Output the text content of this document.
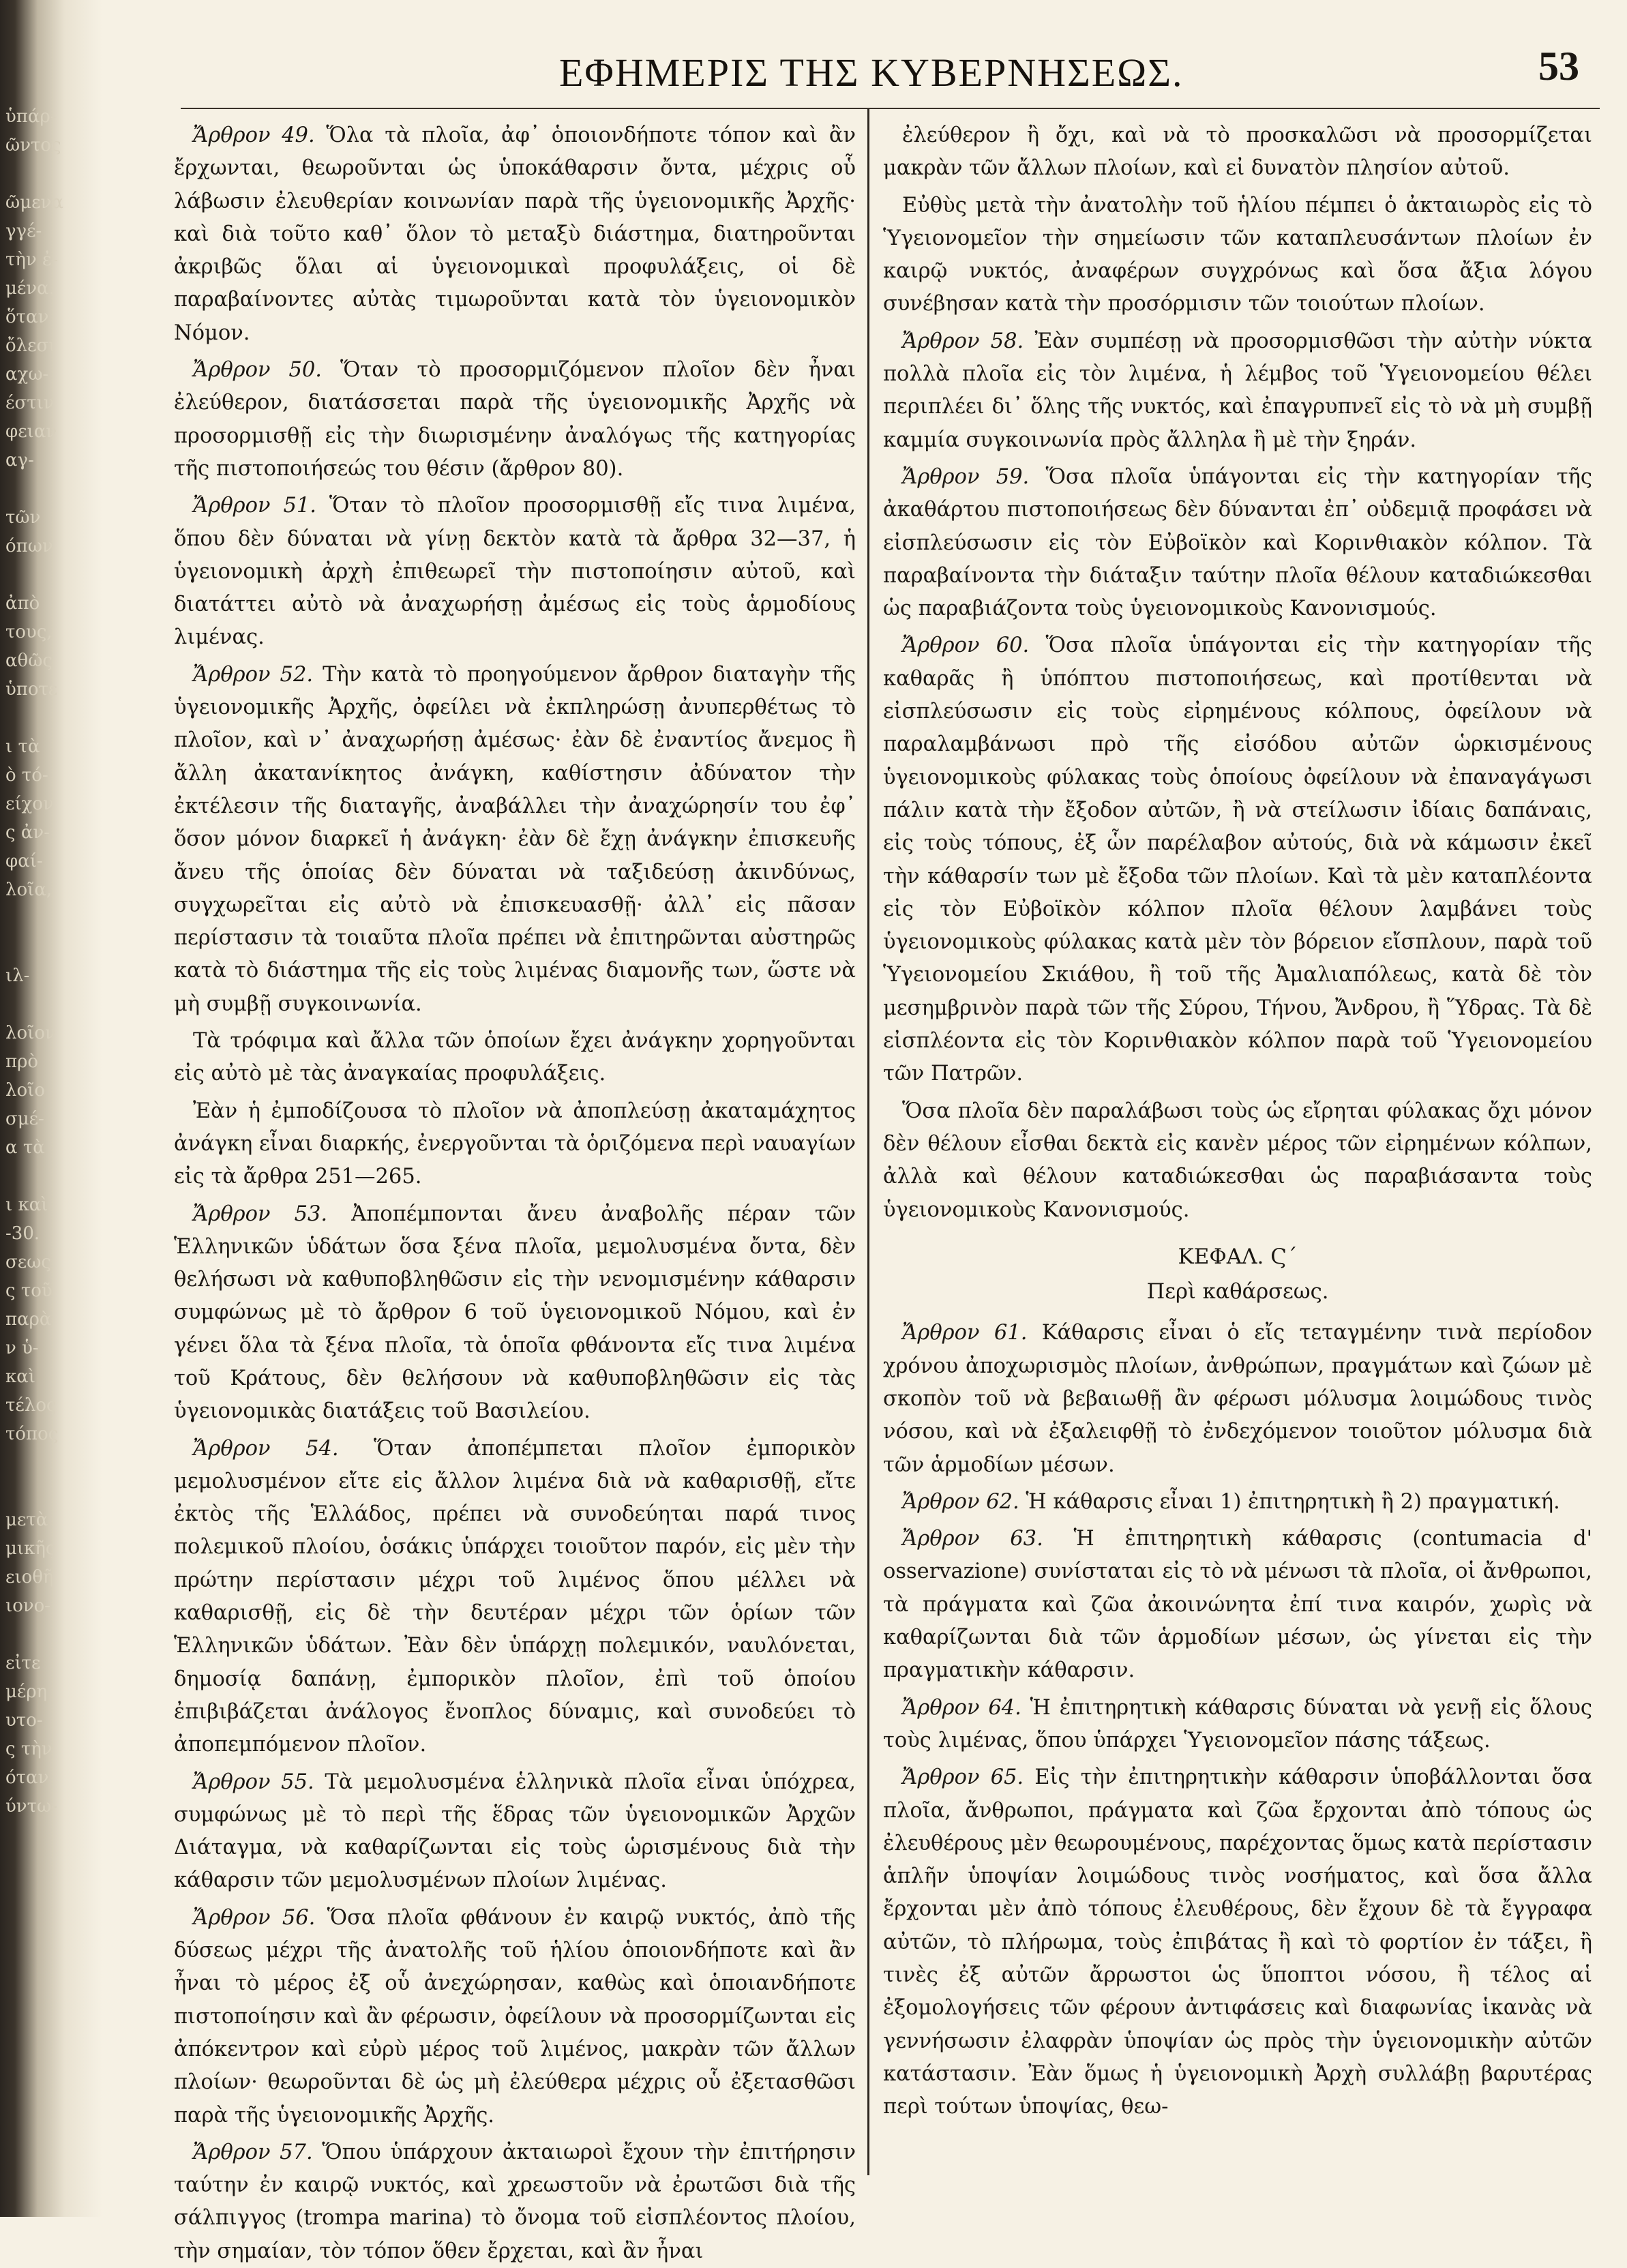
ὑπάρ-
ῶντος

ῶμενα
γγέ-
τὴν ἐ-
μένα.
ὅταν
ὄλεσι
αχω-
έστιν
φειαν
αγ-

τῶν
όπων

ἀπὸ
τους,
αθῶς
ὑποτε

ι τὰ
ὸ τό-
είχον
ς ἀν-
φαί-
λοῖα,

ιλ-

λοῖον
πρὸ
λοῖο
σμέ-
α τὰ

ι καὶ
-30.
σεως
ς τοῦ
παρὰ
ν ὑ-
καὶ
τέλος
τόπος

μετὰ
μικῆς
ειοθῆ
ιονο-

εἰτε
μέρη
υτο-
ς τὴν
όταν
ύντω-
ΕΦΗΜΕΡΙΣ ΤΗΣ ΚΥΒΕΡΝΗΣΕΩΣ.	53

Ἄρθρον 49. Ὅλα τὰ πλοῖα, ἀφ᾽ ὁποιονδήποτε τόπον καὶ ἂν ἔρχωνται, θεωροῦνται ὡς ὑποκάθαρσιν ὄντα, μέχρις οὗ λάβωσιν ἐλευθερίαν κοινωνίαν παρὰ τῆς ὑγειονομικῆς Ἀρχῆς· καὶ διὰ τοῦτο καθ᾽ ὅλον τὸ μεταξὺ διάστημα, διατηροῦνται ἀκριβῶς ὅλαι αἱ ὑγειονομικαὶ προφυλάξεις, οἱ δὲ παραβαίνοντες αὐτὰς τιμωροῦνται κατὰ τὸν ὑγειονομικὸν Νόμον.

Ἄρθρον 50. Ὅταν τὸ προσορμιζόμενον πλοῖον δὲν ἦναι ἐλεύθερον, διατάσσεται παρὰ τῆς ὑγειονομικῆς Ἀρχῆς νὰ προσορμισθῇ εἰς τὴν διωρισμένην ἀναλόγως τῆς κατηγορίας τῆς πιστοποιήσεώς του θέσιν (ἄρθρον 80).

Ἄρθρον 51. Ὅταν τὸ πλοῖον προσορμισθῇ εἴς τινα λιμένα, ὅπου δὲν δύναται νὰ γίνῃ δεκτὸν κατὰ τὰ ἄρθρα 32—37, ἡ ὑγειονομικὴ ἀρχὴ ἐπιθεωρεῖ τὴν πιστοποίησιν αὐτοῦ, καὶ διατάττει αὐτὸ νὰ ἀναχωρήσῃ ἀμέσως εἰς τοὺς ἁρμοδίους λιμένας.

Ἄρθρον 52. Τὴν κατὰ τὸ προηγούμενον ἄρθρον διαταγὴν τῆς ὑγειονομικῆς Ἀρχῆς, ὀφείλει νὰ ἐκπληρώσῃ ἀνυπερθέτως τὸ πλοῖον, καὶ ν᾽ ἀναχωρήσῃ ἀμέσως· ἐὰν δὲ ἐναντίος ἄνεμος ἢ ἄλλη ἀκατανίκητος ἀνάγκη, καθίστησιν ἀδύνατον τὴν ἐκτέλεσιν τῆς διαταγῆς, ἀναβάλλει τὴν ἀναχώρησίν του ἐφ᾽ ὅσον μόνον διαρκεῖ ἡ ἀνάγκη· ἐὰν δὲ ἔχῃ ἀνάγκην ἐπισκευῆς ἄνευ τῆς ὁποίας δὲν δύναται νὰ ταξιδεύσῃ ἀκινδύνως, συγχωρεῖται εἰς αὐτὸ νὰ ἐπισκευασθῇ· ἀλλ᾽ εἰς πᾶσαν περίστασιν τὰ τοιαῦτα πλοῖα πρέπει νὰ ἐπιτηρῶνται αὐστηρῶς κατὰ τὸ διάστημα τῆς εἰς τοὺς λιμένας διαμονῆς των, ὥστε νὰ μὴ συμβῇ συγκοινωνία.

Τὰ τρόφιμα καὶ ἄλλα τῶν ὁποίων ἔχει ἀνάγκην χορηγοῦνται εἰς αὐτὸ μὲ τὰς ἀναγκαίας προφυλάξεις.

Ἐὰν ἡ ἐμποδίζουσα τὸ πλοῖον νὰ ἀποπλεύσῃ ἀκαταμάχητος ἀνάγκη εἶναι διαρκής, ἐνεργοῦνται τὰ ὁριζόμενα περὶ ναυαγίων εἰς τὰ ἄρθρα 251—265.

Ἄρθρον 53. Ἀποπέμπονται ἄνευ ἀναβολῆς πέραν τῶν Ἑλληνικῶν ὑδάτων ὅσα ξένα πλοῖα, μεμολυσμένα ὄντα, δὲν θελήσωσι νὰ καθυποβληθῶσιν εἰς τὴν νενομισμένην κάθαρσιν συμφώνως μὲ τὸ ἄρθρον 6 τοῦ ὑγειονομικοῦ Νόμου, καὶ ἐν γένει ὅλα τὰ ξένα πλοῖα, τὰ ὁποῖα φθάνοντα εἴς τινα λιμένα τοῦ Κράτους, δὲν θελήσουν νὰ καθυποβληθῶσιν εἰς τὰς ὑγειονομικὰς διατάξεις τοῦ Βασιλείου.

Ἄρθρον 54. Ὅταν ἀποπέμπεται πλοῖον ἐμπορικὸν μεμολυσμένον εἴτε εἰς ἄλλον λιμένα διὰ νὰ καθαρισθῇ, εἴτε ἐκτὸς τῆς Ἑλλάδος, πρέπει νὰ συνοδεύηται παρά τινος πολεμικοῦ πλοίου, ὁσάκις ὑπάρχει τοιοῦτον παρόν, εἰς μὲν τὴν πρώτην περίστασιν μέχρι τοῦ λιμένος ὅπου μέλλει νὰ καθαρισθῇ, εἰς δὲ τὴν δευτέραν μέχρι τῶν ὁρίων τῶν Ἑλληνικῶν ὑδάτων. Ἐὰν δὲν ὑπάρχῃ πολεμικόν, ναυλόνεται, δημοσίᾳ δαπάνῃ, ἐμπορικὸν πλοῖον, ἐπὶ τοῦ ὁποίου ἐπιβιβάζεται ἀνάλογος ἔνοπλος δύναμις, καὶ συνοδεύει τὸ ἀποπεμπόμενον πλοῖον.

Ἄρθρον 55. Τὰ μεμολυσμένα ἑλληνικὰ πλοῖα εἶναι ὑπόχρεα, συμφώνως μὲ τὸ περὶ τῆς ἕδρας τῶν ὑγειονομικῶν Ἀρχῶν Διάταγμα, νὰ καθαρίζωνται εἰς τοὺς ὡρισμένους διὰ τὴν κάθαρσιν τῶν μεμολυσμένων πλοίων λιμένας.

Ἄρθρον 56. Ὅσα πλοῖα φθάνουν ἐν καιρῷ νυκτός, ἀπὸ τῆς δύσεως μέχρι τῆς ἀνατολῆς τοῦ ἡλίου ὁποιονδήποτε καὶ ἂν ἦναι τὸ μέρος ἐξ οὗ ἀνεχώρησαν, καθὼς καὶ ὁποιανδήποτε πιστοποίησιν καὶ ἂν φέρωσιν, ὀφείλουν νὰ προσορμίζωνται εἰς ἀπόκεντρον καὶ εὐρὺ μέρος τοῦ λιμένος, μακρὰν τῶν ἄλλων πλοίων· θεωροῦνται δὲ ὡς μὴ ἐλεύθερα μέχρις οὗ ἐξετασθῶσι παρὰ τῆς ὑγειονομικῆς Ἀρχῆς.

Ἄρθρον 57. Ὅπου ὑπάρχουν ἀκταιωροὶ ἔχουν τὴν ἐπιτήρησιν ταύτην ἐν καιρῷ νυκτός, καὶ χρεωστοῦν νὰ ἐρωτῶσι διὰ τῆς σάλπιγγος (trompa marina) τὸ ὄνομα τοῦ εἰσπλέοντος πλοίου, τὴν σημαίαν, τὸν τόπον ὅθεν ἔρχεται, καὶ ἂν ἦναι

ἐλεύθερον ἢ ὄχι, καὶ νὰ τὸ προσκαλῶσι νὰ προσορμίζεται μακρὰν τῶν ἄλλων πλοίων, καὶ εἰ δυνατὸν πλησίον αὐτοῦ.

Εὐθὺς μετὰ τὴν ἀνατολὴν τοῦ ἡλίου πέμπει ὁ ἀκταιωρὸς εἰς τὸ Ὑγειονομεῖον τὴν σημείωσιν τῶν καταπλευσάντων πλοίων ἐν καιρῷ νυκτός, ἀναφέρων συγχρόνως καὶ ὅσα ἄξια λόγου συνέβησαν κατὰ τὴν προσόρμισιν τῶν τοιούτων πλοίων.

Ἄρθρον 58. Ἐὰν συμπέσῃ νὰ προσορμισθῶσι τὴν αὐτὴν νύκτα πολλὰ πλοῖα εἰς τὸν λιμένα, ἡ λέμβος τοῦ Ὑγειονομείου θέλει περιπλέει δι᾽ ὅλης τῆς νυκτός, καὶ ἐπαγρυπνεῖ εἰς τὸ νὰ μὴ συμβῇ καμμία συγκοινωνία πρὸς ἄλληλα ἢ μὲ τὴν ξηράν.

Ἄρθρον 59. Ὅσα πλοῖα ὑπάγονται εἰς τὴν κατηγορίαν τῆς ἀκαθάρτου πιστοποιήσεως δὲν δύνανται ἐπ᾽ οὐδεμιᾷ προφάσει νὰ εἰσπλεύσωσιν εἰς τὸν Εὐβοϊκὸν καὶ Κορινθιακὸν κόλπον. Τὰ παραβαίνοντα τὴν διάταξιν ταύτην πλοῖα θέλουν καταδιώκεσθαι ὡς παραβιάζοντα τοὺς ὑγειονομικοὺς Κανονισμούς.

Ἄρθρον 60. Ὅσα πλοῖα ὑπάγονται εἰς τὴν κατηγορίαν τῆς καθαρᾶς ἢ ὑπόπτου πιστοποιήσεως, καὶ προτίθενται νὰ εἰσπλεύσωσιν εἰς τοὺς εἰρημένους κόλπους, ὀφείλουν νὰ παραλαμβάνωσι πρὸ τῆς εἰσόδου αὐτῶν ὡρκισμένους ὑγειονομικοὺς φύλακας τοὺς ὁποίους ὀφείλουν νὰ ἐπαναγάγωσι πάλιν κατὰ τὴν ἔξοδον αὐτῶν, ἢ νὰ στείλωσιν ἰδίαις δαπάναις, εἰς τοὺς τόπους, ἐξ ὧν παρέλαβον αὐτούς, διὰ νὰ κάμωσιν ἐκεῖ τὴν κάθαρσίν των μὲ ἔξοδα τῶν πλοίων. Καὶ τὰ μὲν καταπλέοντα εἰς τὸν Εὐβοϊκὸν κόλπον πλοῖα θέλουν λαμβάνει τοὺς ὑγειονομικοὺς φύλακας κατὰ μὲν τὸν βόρειον εἴσπλουν, παρὰ τοῦ Ὑγειονομείου Σκιάθου, ἢ τοῦ τῆς Ἀμαλιαπόλεως, κατὰ δὲ τὸν μεσημβρινὸν παρὰ τῶν τῆς Σύρου, Τήνου, Ἄνδρου, ἢ Ὕδρας. Τὰ δὲ εἰσπλέοντα εἰς τὸν Κορινθιακὸν κόλπον παρὰ τοῦ Ὑγειονομείου τῶν Πατρῶν.

Ὅσα πλοῖα δὲν παραλάβωσι τοὺς ὡς εἴρηται φύλακας ὄχι μόνον δὲν θέλουν εἶσθαι δεκτὰ εἰς κανὲν μέρος τῶν εἰρημένων κόλπων, ἀλλὰ καὶ θέλουν καταδιώκεσθαι ὡς παραβιάσαντα τοὺς ὑγειονομικοὺς Κανονισμούς.

ΚΕΦΑΛ. Ϛ΄

Περὶ καθάρσεως.

Ἄρθρον 61. Κάθαρσις εἶναι ὁ εἴς τεταγμένην τινὰ περίοδον χρόνου ἀποχωρισμὸς πλοίων, ἀνθρώπων, πραγμάτων καὶ ζώων μὲ σκοπὸν τοῦ νὰ βεβαιωθῇ ἂν φέρωσι μόλυσμα λοιμώδους τινὸς νόσου, καὶ νὰ ἐξαλειφθῇ τὸ ἐνδεχόμενον τοιοῦτον μόλυσμα διὰ τῶν ἁρμοδίων μέσων.

Ἄρθρον 62. Ἡ κάθαρσις εἶναι 1) ἐπιτηρητικὴ ἢ 2) πραγματική.

Ἄρθρον 63. Ἡ ἐπιτηρητικὴ κάθαρσις (contumacia d' osservazione) συνίσταται εἰς τὸ νὰ μένωσι τὰ πλοῖα, οἱ ἄνθρωποι, τὰ πράγματα καὶ ζῶα ἀκοινώνητα ἐπί τινα καιρόν, χωρὶς νὰ καθαρίζωνται διὰ τῶν ἁρμοδίων μέσων, ὡς γίνεται εἰς τὴν πραγματικὴν κάθαρσιν.

Ἄρθρον 64. Ἡ ἐπιτηρητικὴ κάθαρσις δύναται νὰ γενῇ εἰς ὅλους τοὺς λιμένας, ὅπου ὑπάρχει Ὑγειονομεῖον πάσης τάξεως.

Ἄρθρον 65. Εἰς τὴν ἐπιτηρητικὴν κάθαρσιν ὑποβάλλονται ὅσα πλοῖα, ἄνθρωποι, πράγματα καὶ ζῶα ἔρχονται ἀπὸ τόπους ὡς ἐλευθέρους μὲν θεωρουμένους, παρέχοντας ὅμως κατὰ περίστασιν ἁπλῆν ὑποψίαν λοιμώδους τινὸς νοσήματος, καὶ ὅσα ἄλλα ἔρχονται μὲν ἀπὸ τόπους ἐλευθέρους, δὲν ἔχουν δὲ τὰ ἔγγραφα αὐτῶν, τὸ πλήρωμα, τοὺς ἐπιβάτας ἢ καὶ τὸ φορτίον ἐν τάξει, ἢ τινὲς ἐξ αὐτῶν ἄρρωστοι ὡς ὕποπτοι νόσου, ἢ τέλος αἱ ἐξομολογήσεις τῶν φέρουν ἀντιφάσεις καὶ διαφωνίας ἱκανὰς νὰ γεννήσωσιν ἐλαφρὰν ὑποψίαν ὡς πρὸς τὴν ὑγειονομικὴν αὐτῶν κατάστασιν. Ἐὰν ὅμως ἡ ὑγειονομικὴ Ἀρχὴ συλλάβῃ βαρυτέρας περὶ τούτων ὑποψίας, θεω-
